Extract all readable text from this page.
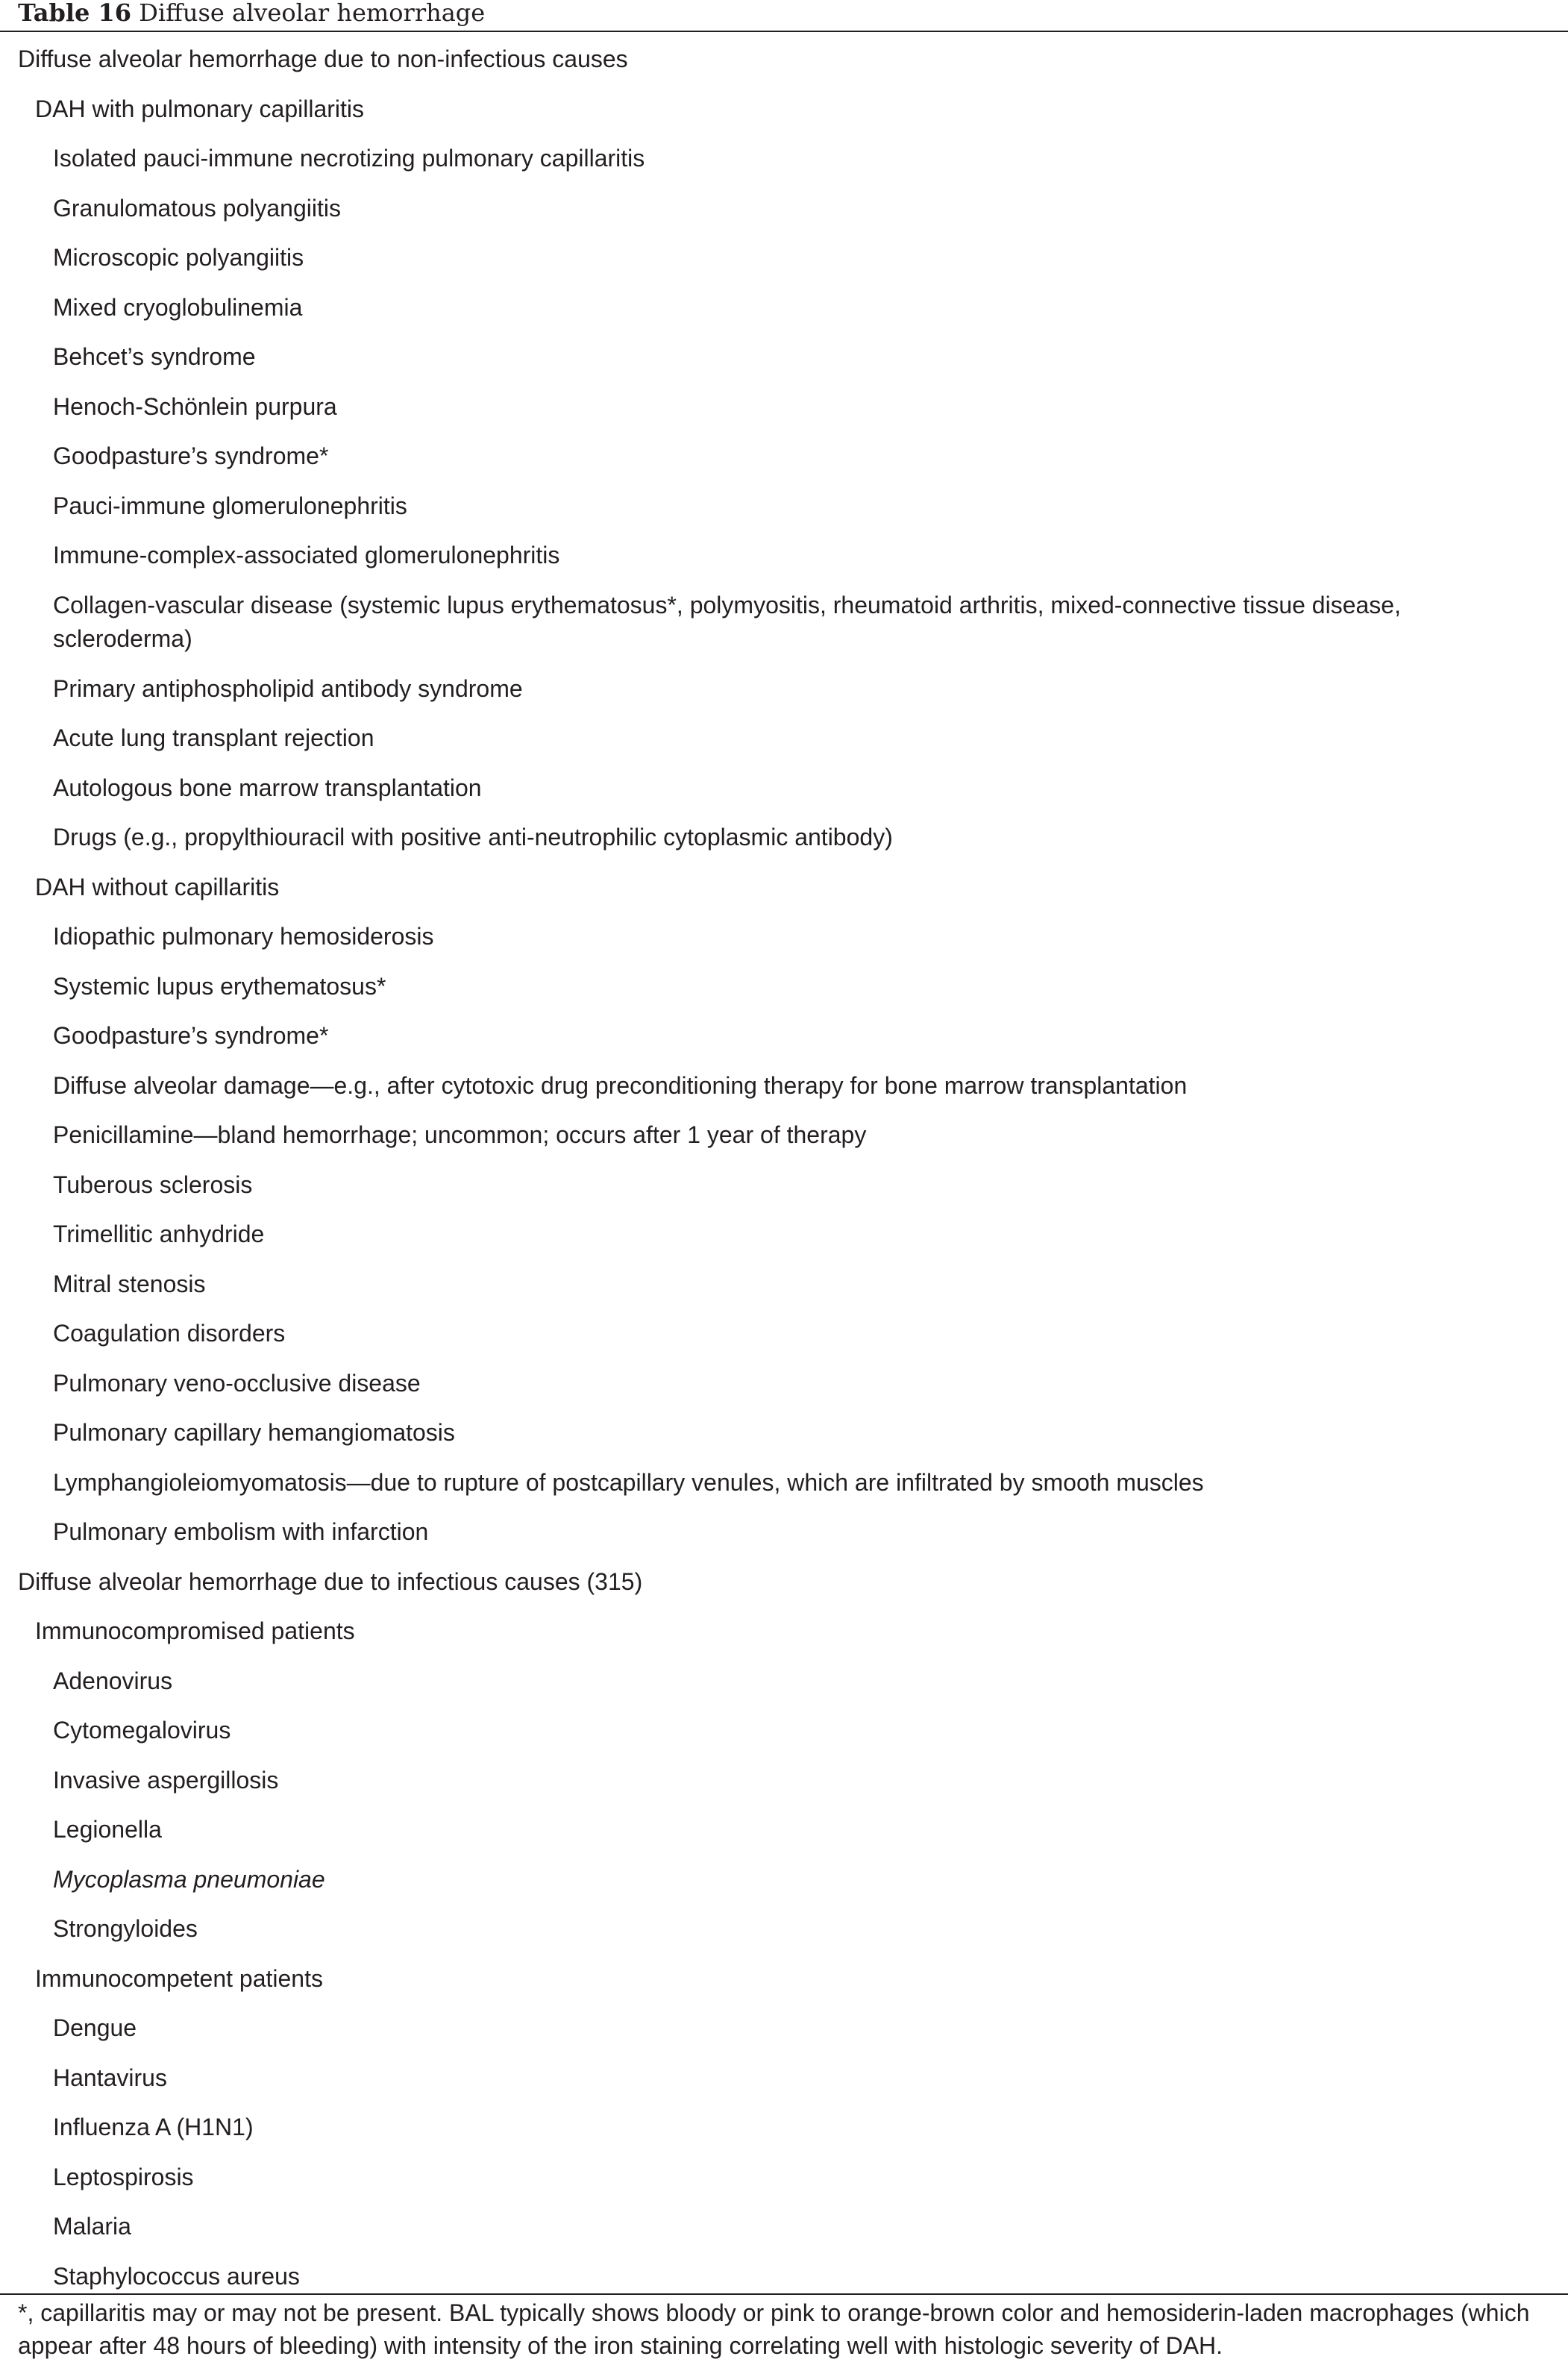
Table 16 Diffuse alveolar hemorrhage
Diffuse alveolar hemorrhage due to non-infectious causes
DAH with pulmonary capillaritis
Isolated pauci-immune necrotizing pulmonary capillaritis
Granulomatous polyangiitis
Microscopic polyangiitis
Mixed cryoglobulinemia
Behcet’s syndrome
Henoch-Schönlein purpura
Goodpasture’s syndrome*
Pauci-immune glomerulonephritis
Immune-complex-associated glomerulonephritis
Collagen-vascular disease (systemic lupus erythematosus*, polymyositis, rheumatoid arthritis, mixed-connective tissue disease, scleroderma)
Primary antiphospholipid antibody syndrome
Acute lung transplant rejection
Autologous bone marrow transplantation
Drugs (e.g., propylthiouracil with positive anti-neutrophilic cytoplasmic antibody)
DAH without capillaritis
Idiopathic pulmonary hemosiderosis
Systemic lupus erythematosus*
Goodpasture’s syndrome*
Diffuse alveolar damage—e.g., after cytotoxic drug preconditioning therapy for bone marrow transplantation
Penicillamine—bland hemorrhage; uncommon; occurs after 1 year of therapy
Tuberous sclerosis
Trimellitic anhydride
Mitral stenosis
Coagulation disorders
Pulmonary veno-occlusive disease
Pulmonary capillary hemangiomatosis
Lymphangioleiomyomatosis—due to rupture of postcapillary venules, which are infiltrated by smooth muscles
Pulmonary embolism with infarction
Diffuse alveolar hemorrhage due to infectious causes (315)
Immunocompromised patients
Adenovirus
Cytomegalovirus
Invasive aspergillosis
Legionella
Mycoplasma pneumoniae
Strongyloides
Immunocompetent patients
Dengue
Hantavirus
Influenza A (H1N1)
Leptospirosis
Malaria
Staphylococcus aureus
*, capillaritis may or may not be present. BAL typically shows bloody or pink to orange-brown color and hemosiderin-laden macrophages (which appear after 48 hours of bleeding) with intensity of the iron staining correlating well with histologic severity of DAH.
